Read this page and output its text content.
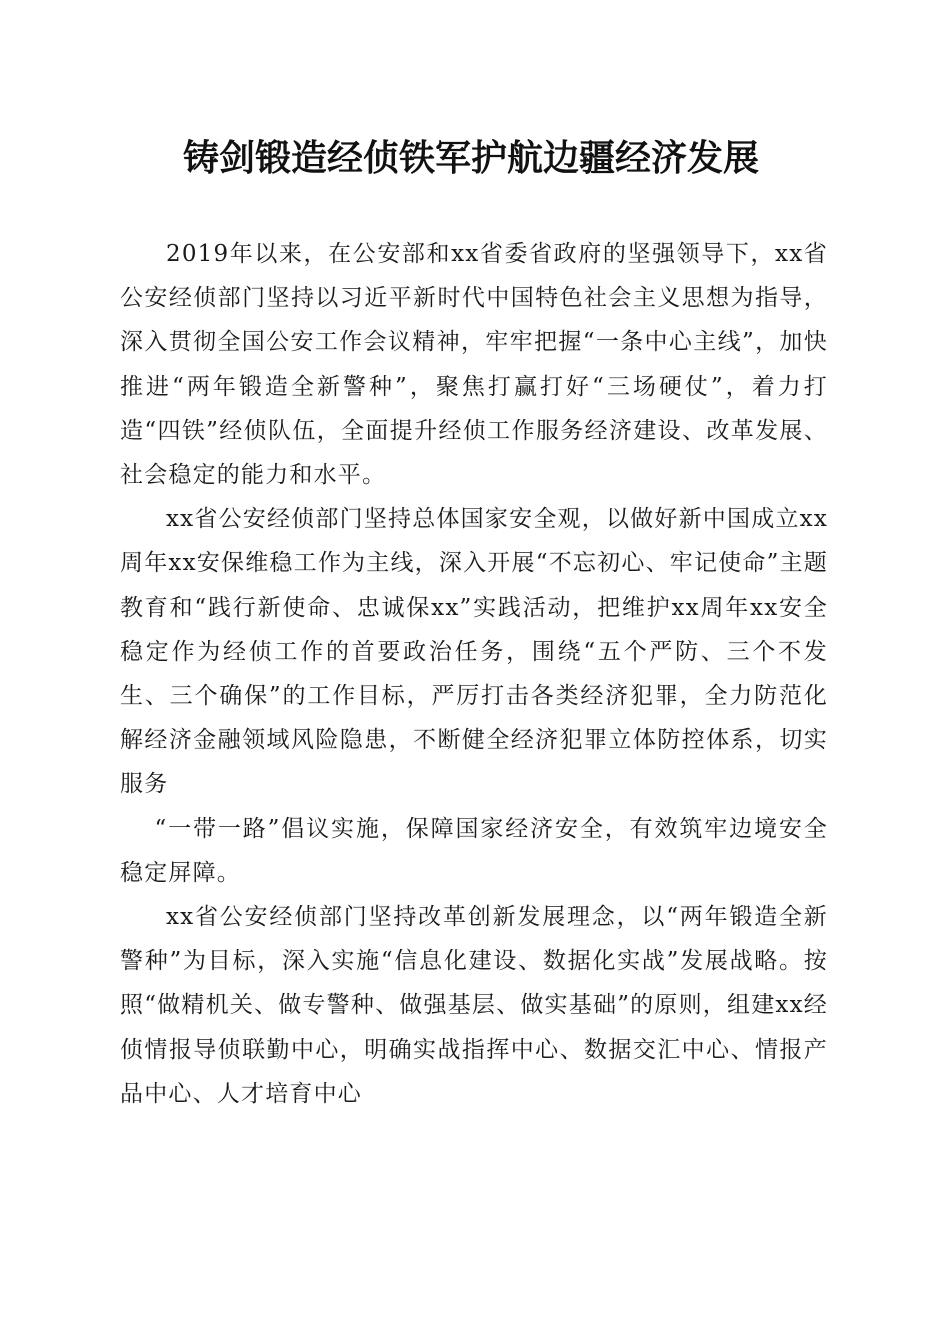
铸剑锻造经侦铁军护航边疆经济发展

2019年以来，在公安部和xx省委省政府的坚强领导下，xx省公安经侦部门坚持以习近平新时代中国特色社会主义思想为指导，深入贯彻全国公安工作会议精神，牢牢把握“一条中心主线”，加快推进“两年锻造全新警种”，聚焦打赢打好“三场硬仗”，着力打造“四铁”经侦队伍，全面提升经侦工作服务经济建设、改革发展、社会稳定的能力和水平。

xx省公安经侦部门坚持总体国家安全观，以做好新中国成立xx周年xx安保维稳工作为主线，深入开展“不忘初心、牢记使命”主题教育和“践行新使命、忠诚保xx”实践活动，把维护xx周年xx安全稳定作为经侦工作的首要政治任务，围绕“五个严防、三个不发生、三个确保”的工作目标，严厉打击各类经济犯罪，全力防范化解经济金融领域风险隐患，不断健全经济犯罪立体防控体系，切实服务

“一带一路”倡议实施，保障国家经济安全，有效筑牢边境安全稳定屏障。

xx省公安经侦部门坚持改革创新发展理念，以“两年锻造全新警种”为目标，深入实施“信息化建设、数据化实战”发展战略。按照“做精机关、做专警种、做强基层、做实基础”的原则，组建xx经侦情报导侦联勤中心，明确实战指挥中心、数据交汇中心、情报产品中心、人才培育中心
